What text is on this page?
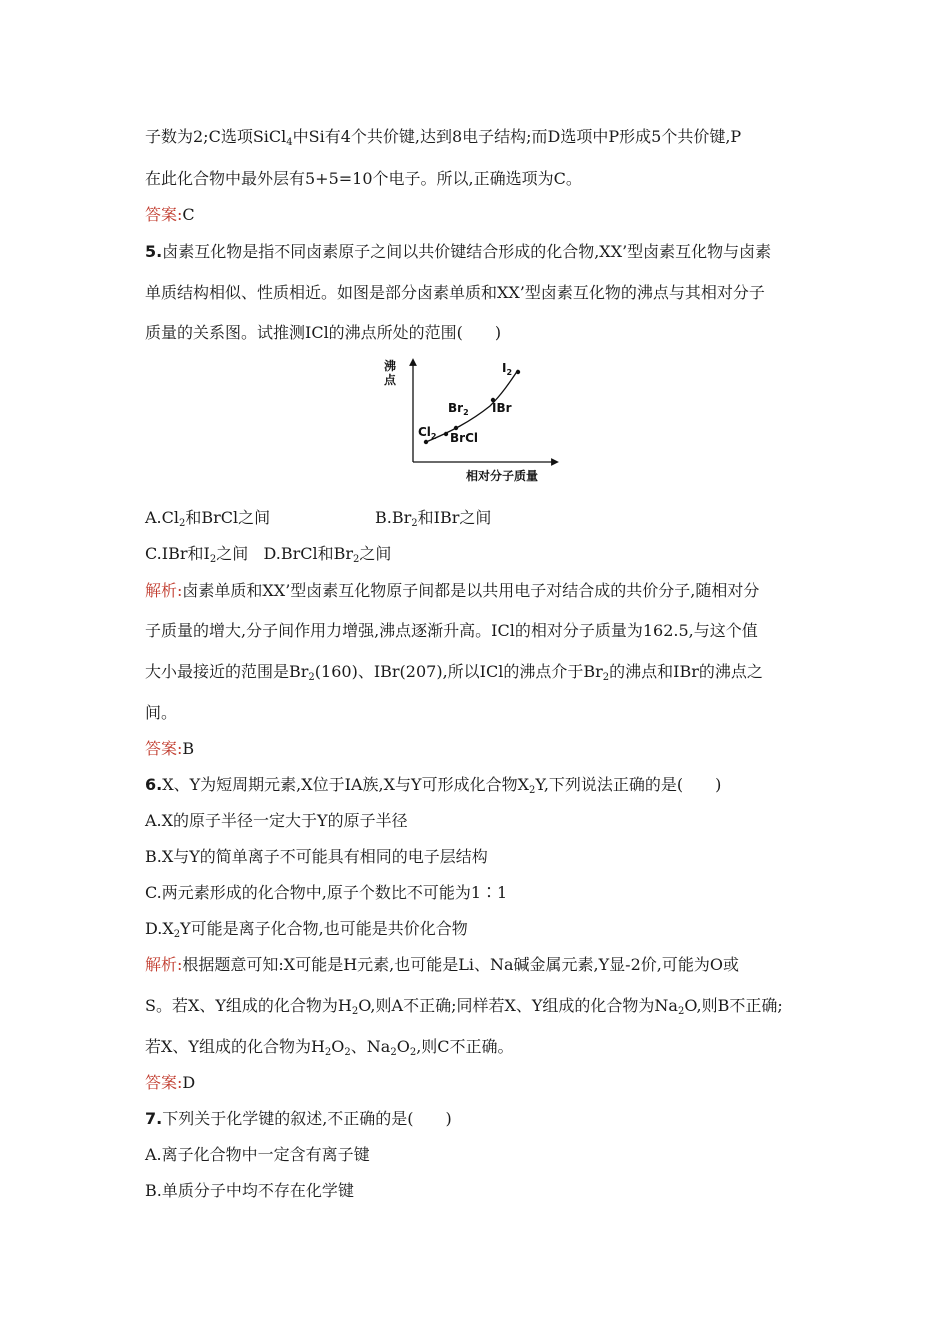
子数为2;C选项SiCl$_4$中Si有4个共价键,达到8电子结构;而D选项中P形成5个共价键,P
在此化合物中最外层有5+5=10个电子。所以,正确选项为C。
答案:C
5.卤素互化物是指不同卤素原子之间以共价键结合形成的化合物,XX’型卤素互化物与卤素
单质结构相似、性质相近。如图是部分卤素单质和XX’型卤素互化物的沸点与其相对分子
质量的关系图。试推测ICl的沸点所处的范围(　　)
沸
点
$Cl_2$ BrCl
$Br_2$ IBr
$I_2$
相对分子质量
$A.Cl_2$和BrCl之间	$B.Br_2$和IBr之间
C.IBr和$I_2$之间 D.BrCl和$Br_2$之间
解析:卤素单质和XX’型卤素互化物原子间都是以共用电子对结合成的共价分子,随相对分
子质量的增大,分子间作用力增强,沸点逐渐升高。ICl的相对分子质量为162.5,与这个值
大小最接近的范围是$Br_2(160)$、IBr(207),所以ICl的沸点介于$Br_2$的沸点和IBr的沸点之
间。
答案:B
6.X、Y为短周期元素,X位于ⅠA族,X与Y可形成化合物$X_2Y$,下列说法正确的是(　　)
A.X的原子半径一定大于Y的原子半径
B.X与Y的简单离子不可能具有相同的电子层结构
C.两元素形成的化合物中,原子个数比不可能为1∶1
$D.X_2Y$可能是离子化合物,也可能是共价化合物
解析:根据题意可知:X可能是H元素,也可能是Li、Na碱金属元素,Y显-2价,可能为O或
S。若X、Y组成的化合物为$H_2O$,则A不正确;同样若X、Y组成的化合物为$Na_2O$,则B不正确;
若X、Y组成的化合物为$H_2O_2$、$Na_2O_2$,则C不正确。
答案:D
7.下列关于化学键的叙述,不正确的是(　　)
A.离子化合物中一定含有离子键
B.单质分子中均不存在化学键
